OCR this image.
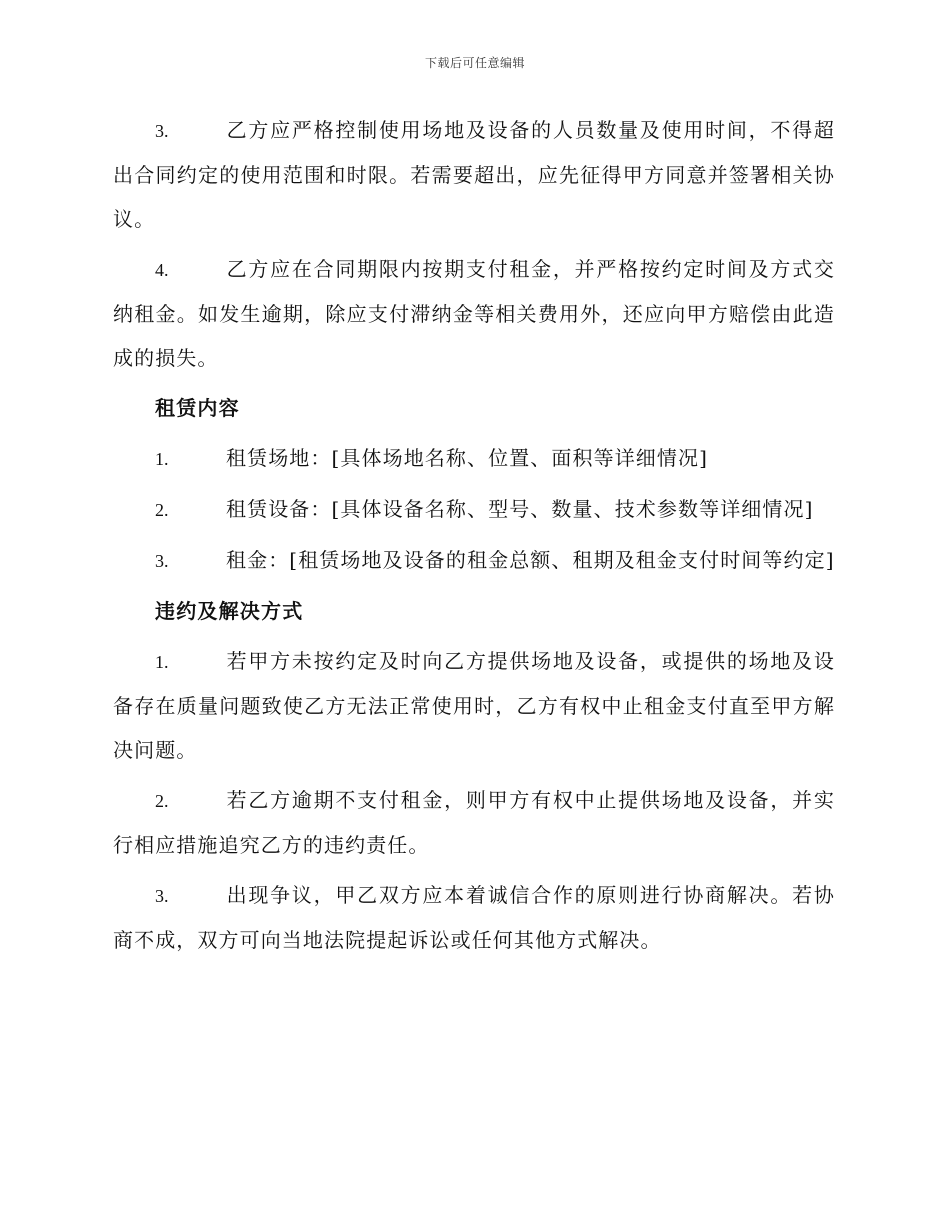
下载后可任意编辑

3.	乙方应严格控制使用场地及设备的人员数量及使用时间，不得超出合同约定的使用范围和时限。若需要超出，应先征得甲方同意并签署相关协议。

4.	乙方应在合同期限内按期支付租金，并严格按约定时间及方式交纳租金。如发生逾期，除应支付滞纳金等相关费用外，还应向甲方赔偿由此造成的损失。

租赁内容

1.	租赁场地：[具体场地名称、位置、面积等详细情况]

2.	租赁设备：[具体设备名称、型号、数量、技术参数等详细情况]

3.	租金：[租赁场地及设备的租金总额、租期及租金支付时间等约定]

违约及解决方式

1.	若甲方未按约定及时向乙方提供场地及设备，或提供的场地及设备存在质量问题致使乙方无法正常使用时，乙方有权中止租金支付直至甲方解决问题。

2.	若乙方逾期不支付租金，则甲方有权中止提供场地及设备，并实行相应措施追究乙方的违约责任。

3.	出现争议，甲乙双方应本着诚信合作的原则进行协商解决。若协商不成，双方可向当地法院提起诉讼或任何其他方式解决。
